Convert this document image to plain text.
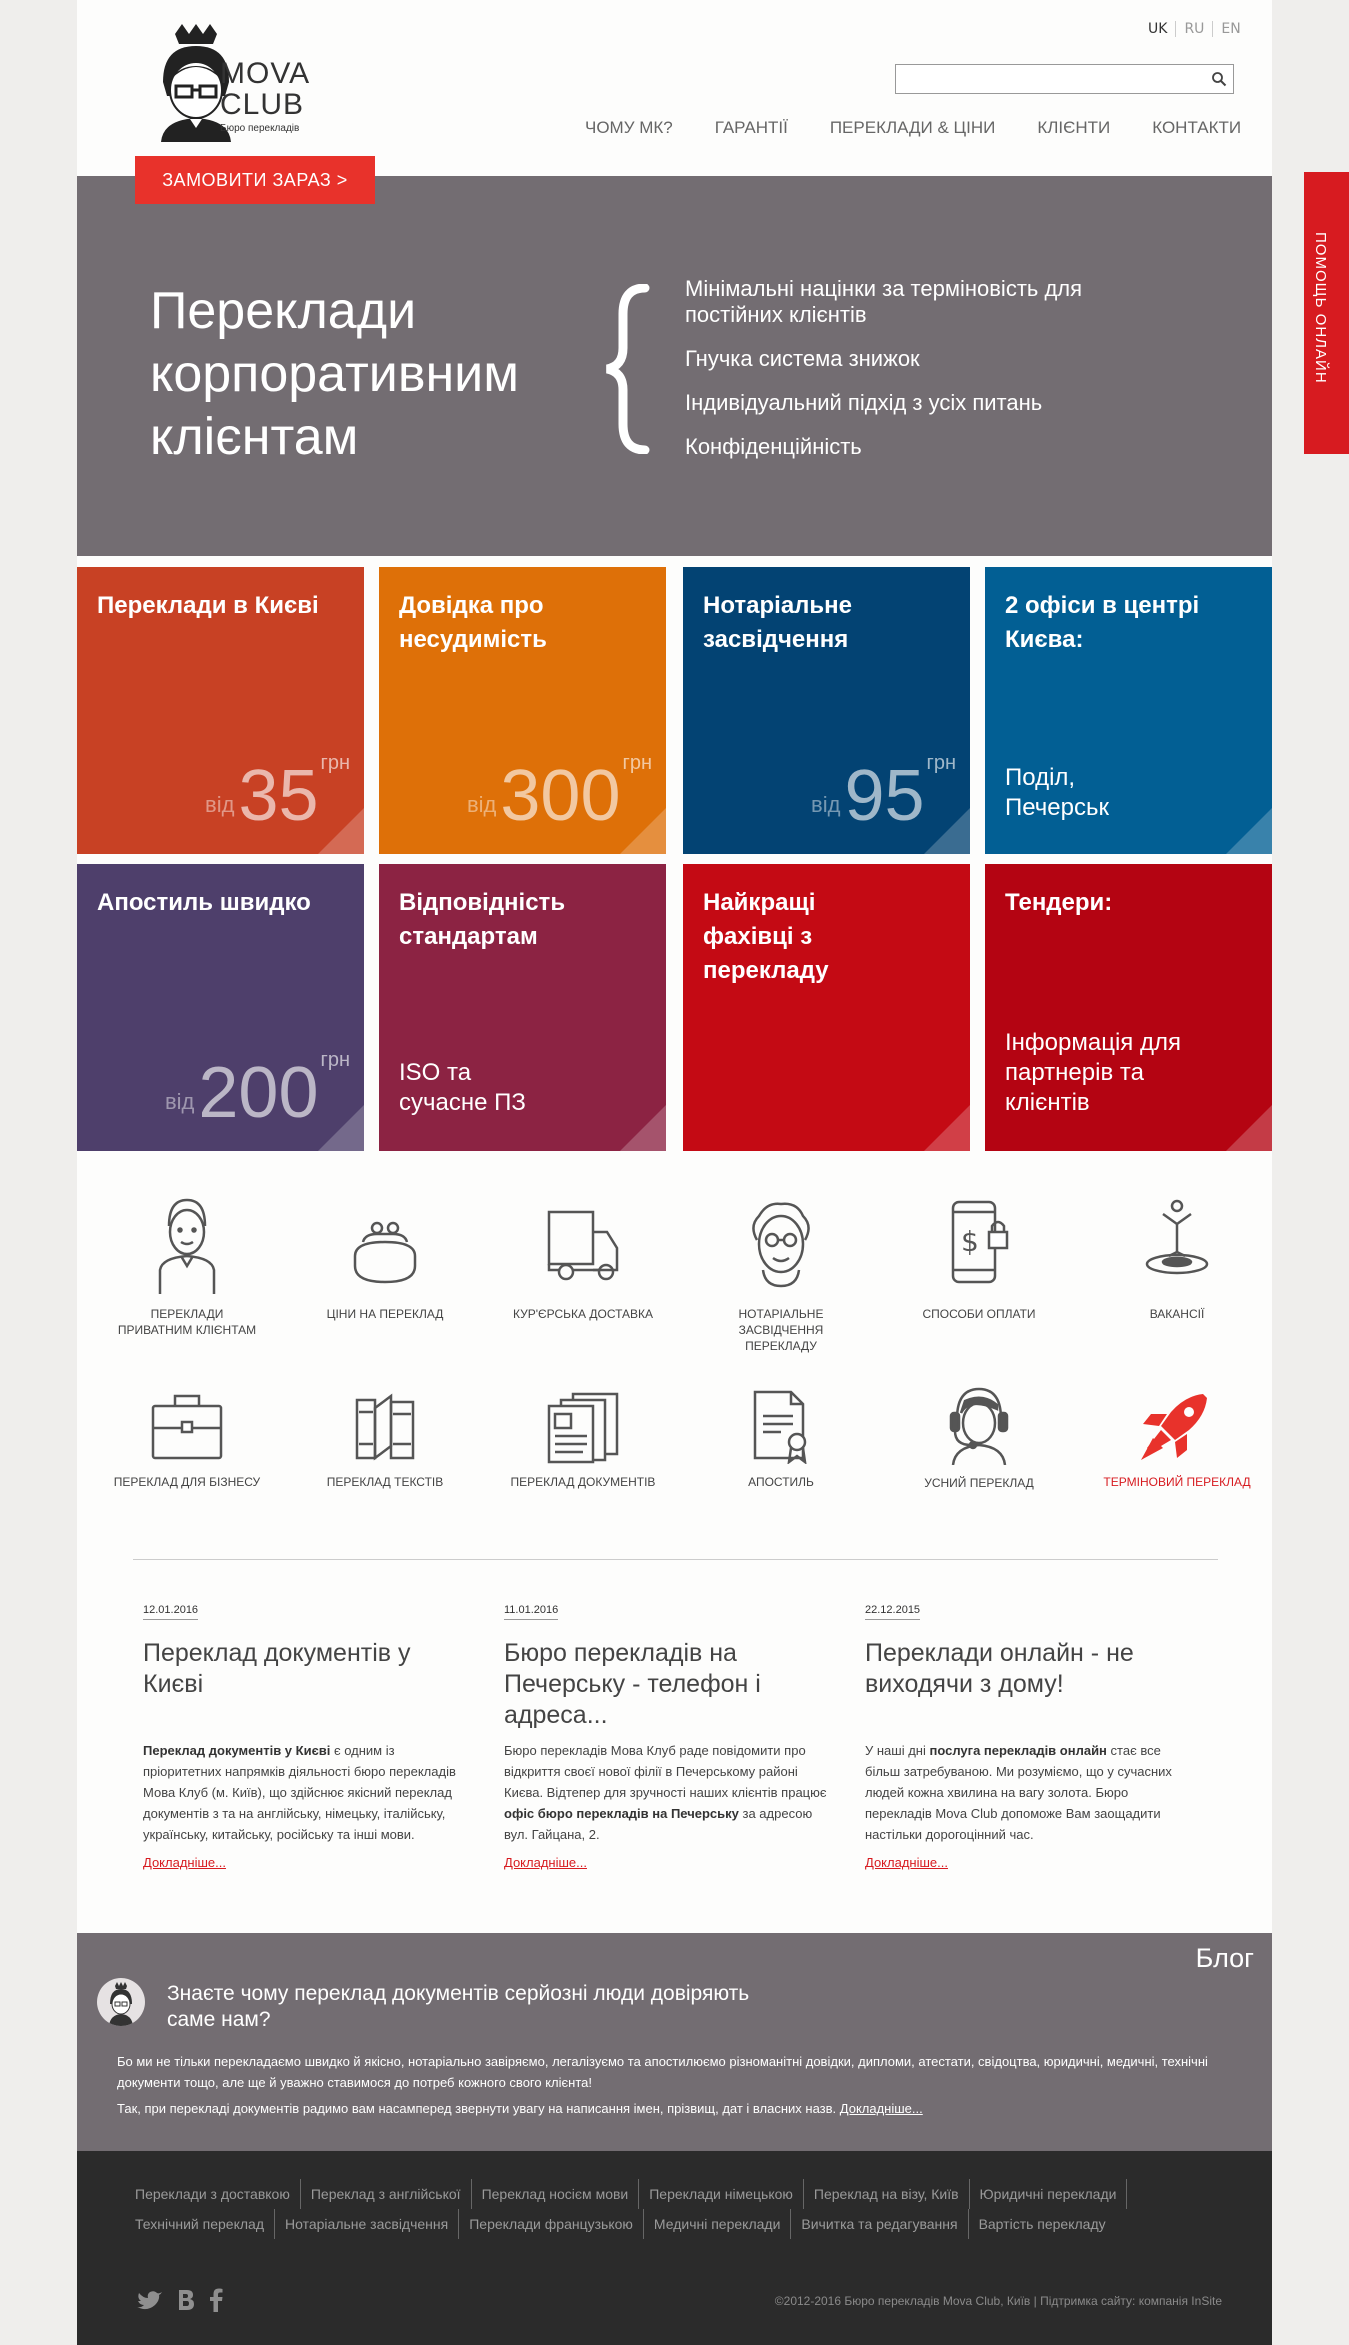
MOVA
CLUB
Бюро перекладів
UK	RU	EN
ЧОМУ МК?	ГАРАНТІЇ	ПЕРЕКЛАДИ & ЦІНИ	КЛІЄНТИ	КОНТАКТИ
ЗАМОВИТИ ЗАРАЗ >
Переклади корпоративним клієнтам
Мінімальні націнки за терміновість для постійних клієнтів
Гнучка система знижок
Індивідуальний підхід з усіх питань
Конфіденційність
Переклади в Києві
від 35 грн
Довідка про несудимість
від 300 грн
Нотаріальне засвідчення
від 95 грн
2 офіси в центрі Києва:
Поділ, Печерськ
Апостиль швидко
від 200 грн
Відповідність стандартам
ISO та сучасне ПЗ
Найкращі фахівці з перекладу
Тендери:
Інформація для партнерів та клієнтів
ПЕРЕКЛАДИ ПРИВАТНИМ КЛІЄНТАМ
ЦІНИ НА ПЕРЕКЛАД	КУР'ЄРСЬКА ДОСТАВКА	НОТАРІАЛЬНЕ ЗАСВІДЧЕННЯ ПЕРЕКЛАДУ
$
СПОСОБИ ОПЛАТИ	ВАКАНСІЇ
ПЕРЕКЛАД ДЛЯ БІЗНЕСУ	ПЕРЕКЛАД ТЕКСТІВ	ПЕРЕКЛАД ДОКУМЕНТІВ	АПОСТИЛЬ	УСНИЙ ПЕРЕКЛАД	ТЕРМІНОВИЙ ПЕРЕКЛАД
12.01.2016
Переклад документів у Києві
Переклад документів у Києві є одним із пріоритетних напрямків діяльності бюро перекладів Мова Клуб (м. Київ), що здійснює якісний переклад документів з та на англійську, німецьку, італійську, українську, китайську, російську та інші мови.
Докладніше...
11.01.2016
Бюро перекладів на Печерську - телефон і адреса...
Бюро перекладів Мова Клуб раде повідомити про відкриття своєї нової філії в Печерському районі Києва. Відтепер для зручності наших клієнтів працює офіс бюро перекладів на Печерську за адресою вул. Гайцана, 2.
Докладніше...
22.12.2015
Переклади онлайн - не виходячи з дому!
У наші дні послуга перекладів онлайн стає все більш затребуваною. Ми розуміємо, що у сучасних людей кожна хвилина на вагу золота. Бюро перекладів Mova Club допоможе Вам заощадити настільки дорогоцінний час.
Докладніше...
Блог
Знаєте чому переклад документів серйозні люди довіряють саме нам?
Бо ми не тільки перекладаємо швидко й якісно, нотаріально завіряємо, легалізуємо та апостилюємо різноманітні довідки, дипломи, атестати, свідоцтва, юридичні, медичні, технічні документи тощо, але ще й уважно ставимося до потреб кожного свого клієнта!
Так, при перекладі документів радимо вам насамперед звернути увагу на написання імен, прізвищ, дат і власних назв. Докладніше...
Переклади з доставкою Переклад з англійської Переклад носієм мови Переклади німецькою Переклад на візу, Київ Юридичні переклади
Технічний переклад Нотаріальне засвідчення Переклади французькою Медичні переклади Вичитка та редагування Вартість перекладу
©2012-2016 Бюро перекладів Mova Club, Київ | Підтримка сайту: компанія InSite
ПОМОЩЬ ОНЛАЙН
